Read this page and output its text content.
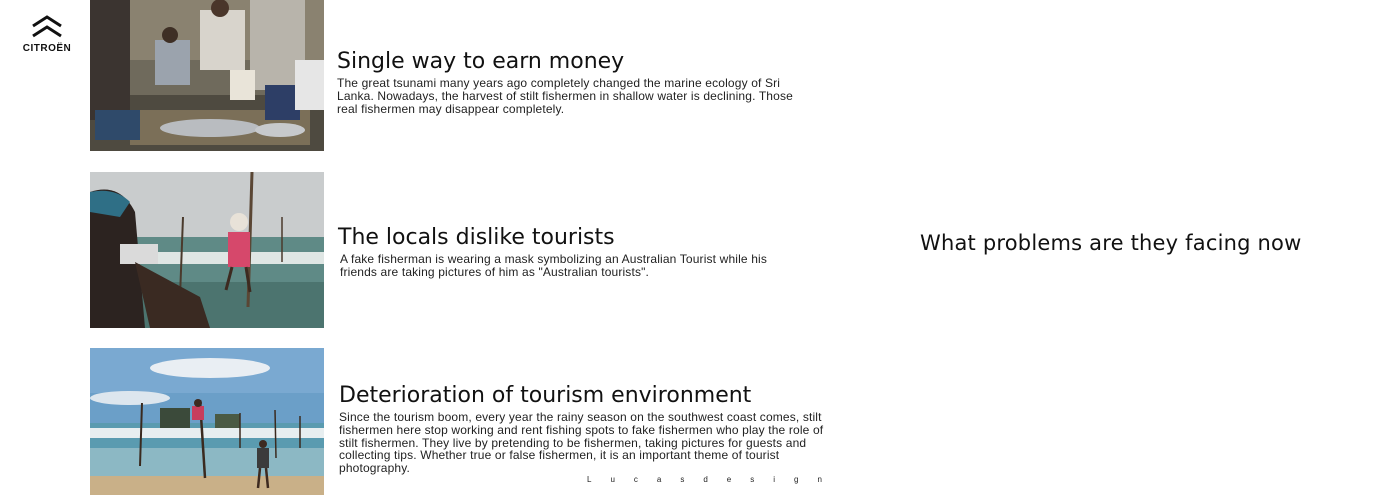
CITROËN
Single way to earn money

The great tsunami many years ago completely changed the marine ecology of Sri Lanka. Nowadays, the harvest of stilt fishermen in shallow water is declining. Those real fishermen may disappear completely.

The locals dislike tourists

A fake fisherman is wearing a mask symbolizing an Australian Tourist while his friends are taking pictures of him as "Australian tourists".

Deterioration of tourism environment

Since the tourism boom, every year the rainy season on the southwest coast comes, stilt fishermen here stop working and rent fishing spots to fake fishermen who play the role of stilt fishermen. They live by pretending to be fishermen, taking pictures for guests and collecting tips. Whether true or false fishermen, it is an important theme of tourist photography.

What problems are they facing now
Lucasdesign
